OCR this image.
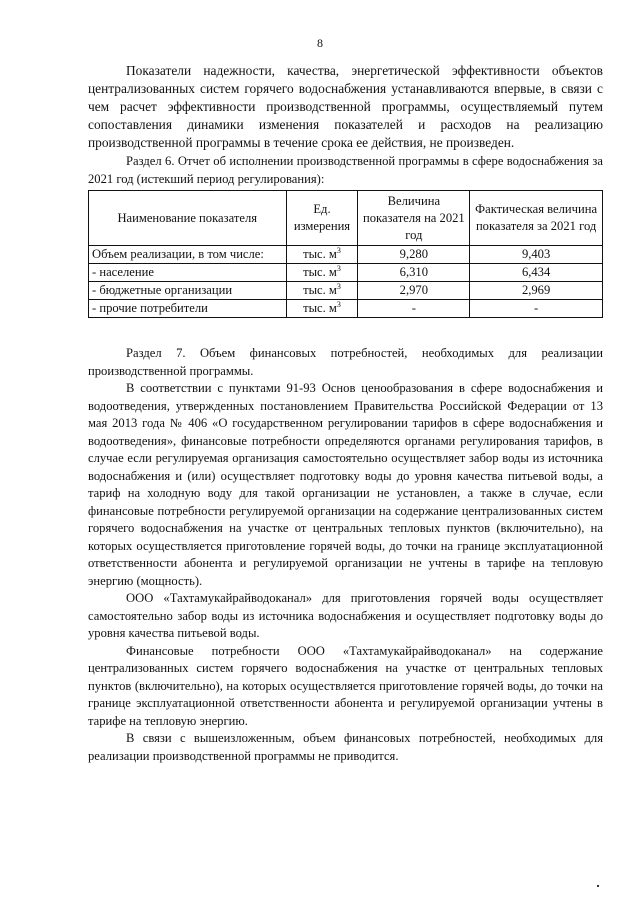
8

Показатели надежности, качества, энергетической эффективности объектов централизованных систем горячего водоснабжения устанавливаются впервые, в связи с чем расчет эффективности производственной программы, осуществляемый путем сопоставления динамики изменения показателей и расходов на реализацию производственной программы в течение срока ее действия, не произведен.

Раздел 6. Отчет об исполнении производственной программы в сфере водоснабжения за 2021 год (истекший период регулирования):

Наименование показателя	Ед. измерения	Величина показателя на 2021 год	Фактическая величина показателя за 2021 год
Объем реализации, в том числе:	тыс. $м^3$	9,280	9,403
- население	тыс. $м^3$	6,310	6,434
- бюджетные организации	тыс. $м^3$	2,970	2,969
- прочие потребители	тыс. $м^3$	-	-

Раздел 7. Объем финансовых потребностей, необходимых для реализации производственной программы.

В соответствии с пунктами 91-93 Основ ценообразования в сфере водоснабжения и водоотведения, утвержденных постановлением Правительства Российской Федерации от 13 мая 2013 года № 406 «О государственном регулировании тарифов в сфере водоснабжения и водоотведения», финансовые потребности определяются органами регулирования тарифов, в случае если регулируемая организация самостоятельно осуществляет забор воды из источника водоснабжения и (или) осуществляет подготовку воды до уровня качества питьевой воды, а тариф на холодную воду для такой организации не установлен, а также в случае, если финансовые потребности регулируемой организации на содержание централизованных систем горячего водоснабжения на участке от центральных тепловых пунктов (включительно), на которых осуществляется приготовление горячей воды, до точки на границе эксплуатационной ответственности абонента и регулируемой организации не учтены в тарифе на тепловую энергию (мощность).

ООО «Тахтамукайрайводоканал» для приготовления горячей воды осуществляет самостоятельно забор воды из источника водоснабжения и осуществляет подготовку воды до уровня качества питьевой воды.

Финансовые потребности ООО «Тахтамукайрайводоканал» на содержание централизованных систем горячего водоснабжения на участке от центральных тепловых пунктов (включительно), на которых осуществляется приготовление горячей воды, до точки на границе эксплуатационной ответственности абонента и регулируемой организации учтены в тарифе на тепловую энергию.

В связи с вышеизложенным, объем финансовых потребностей, необходимых для реализации производственной программы не приводится.
